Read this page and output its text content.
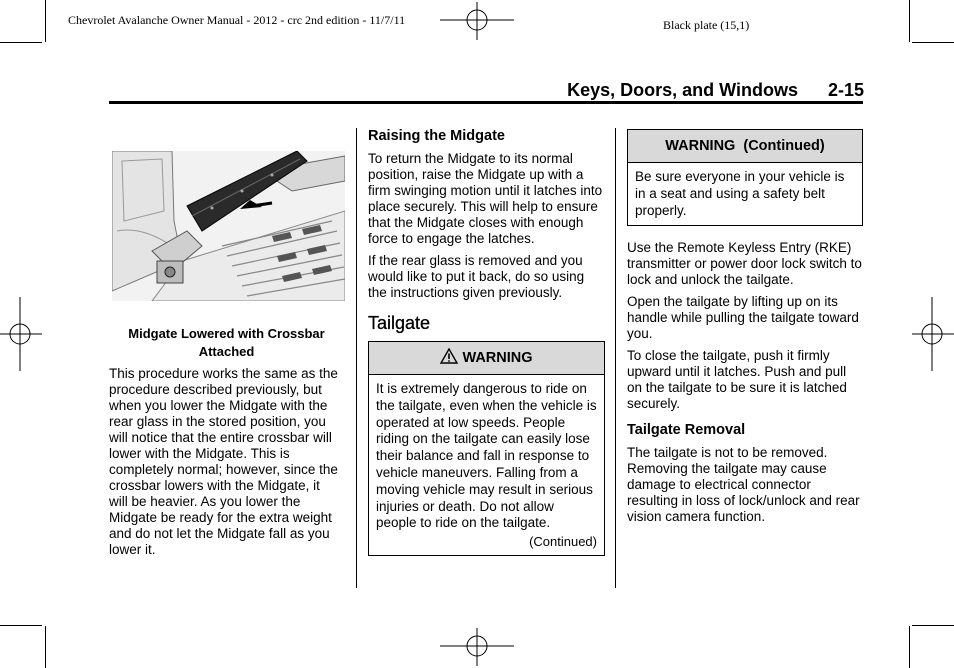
Chevrolet Avalanche Owner Manual - 2012 - crc 2nd edition - 11/7/11	Black plate (15,1)
Keys, Doors, and Windows 2-15
Midgate Lowered with Crossbar
Attached

This procedure works the same as the procedure described previously, but when you lower the Midgate with the rear glass in the stored position, you will notice that the entire crossbar will lower with the Midgate. This is completely normal; however, since the crossbar lowers with the Midgate, it will be heavier. As you lower the Midgate be ready for the extra weight and do not let the Midgate fall as you lower it.

Raising the Midgate

To return the Midgate to its normal position, raise the Midgate up with a firm swinging motion until it latches into place securely. This will help to ensure that the Midgate closes with enough force to engage the latches.

If the rear glass is removed and you would like to put it back, do so using the instructions given previously.

Tailgate
WARNING
It is extremely dangerous to ride on the tailgate, even when the vehicle is operated at low speeds. People riding on the tailgate can easily lose their balance and fall in response to vehicle maneuvers. Falling from a moving vehicle may result in serious injuries or death. Do not allow people to ride on the tailgate.
(Continued)
WARNING  (Continued)
Be sure everyone in your vehicle is in a seat and using a safety belt properly.

Use the Remote Keyless Entry (RKE) transmitter or power door lock switch to lock and unlock the tailgate.

Open the tailgate by lifting up on its handle while pulling the tailgate toward you.

To close the tailgate, push it firmly upward until it latches. Push and pull on the tailgate to be sure it is latched securely.

Tailgate Removal

The tailgate is not to be removed. Removing the tailgate may cause damage to electrical connector resulting in loss of lock/unlock and rear vision camera function.
